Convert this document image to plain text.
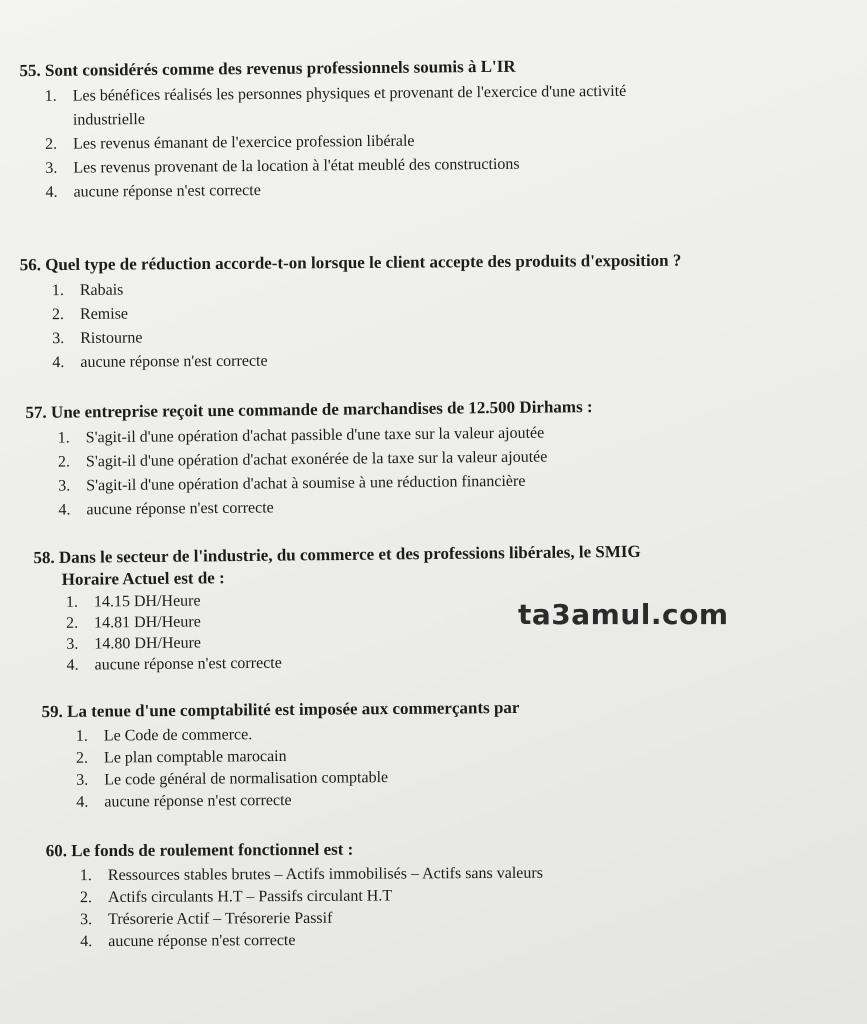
55. Sont considérés comme des revenus professionnels soumis à L'IR
1. Les bénéfices réalisés les personnes physiques et provenant de l'exercice d'une activité
industrielle
2. Les revenus émanant de l'exercice profession libérale
3. Les revenus provenant de la location à l'état meublé des constructions
4. aucune réponse n'est correcte
56. Quel type de réduction accorde-t-on lorsque le client accepte des produits d'exposition ?
1. Rabais
2. Remise
3. Ristourne
4. aucune réponse n'est correcte
57. Une entreprise reçoit une commande de marchandises de 12.500 Dirhams :
1. S'agit-il d'une opération d'achat passible d'une taxe sur la valeur ajoutée
2. S'agit-il d'une opération d'achat exonérée de la taxe sur la valeur ajoutée
3. S'agit-il d'une opération d'achat à soumise à une réduction financière
4. aucune réponse n'est correcte
58. Dans le secteur de l'industrie, du commerce et des professions libérales, le SMIG
Horaire Actuel est de :
1. 14.15 DH/Heure
2. 14.81 DH/Heure
3. 14.80 DH/Heure
4. aucune réponse n'est correcte
59. La tenue d'une comptabilité est imposée aux commerçants par
1. Le Code de commerce.
2. Le plan comptable marocain
3. Le code général de normalisation comptable
4. aucune réponse n'est correcte
60. Le fonds de roulement fonctionnel est :
1. Ressources stables brutes – Actifs immobilisés – Actifs sans valeurs
2. Actifs circulants H.T – Passifs circulant H.T
3. Trésorerie Actif – Trésorerie Passif
4. aucune réponse n'est correcte
ta3amul.com
